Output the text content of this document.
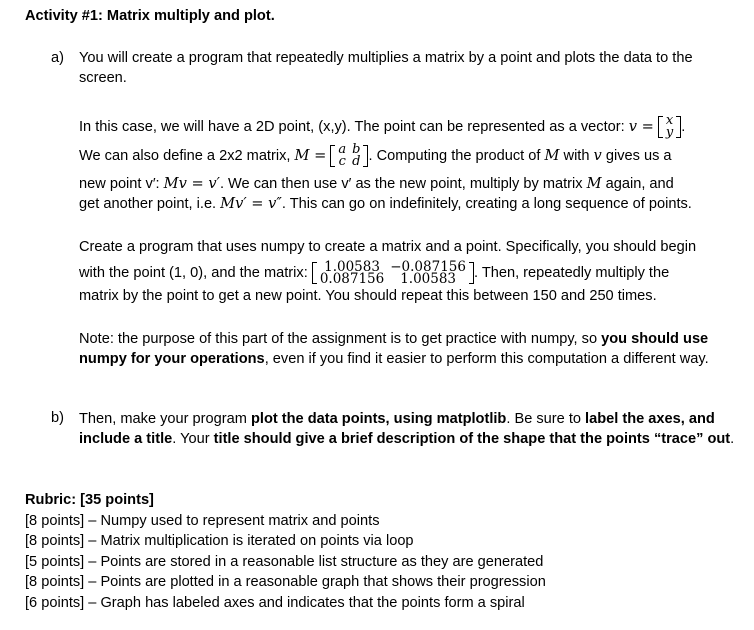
Activity #1: Matrix multiply and plot.
a) You will create a program that repeatedly multiplies a matrix by a point and plots the data to the screen.
In this case, we will have a 2D point, (x,y). The point can be represented as a vector: v = x
y .
We can also define a 2x2 matrix, M = a	b
c	d . Computing the product of M with v gives us a
new point v′: Mv = v′. We can then use v′ as the new point, multiply by matrix M again, and
get another point, i.e. Mv′ = v″. This can go on indefinitely, creating a long sequence of points.
Create a program that uses numpy to create a matrix and a point. Specifically, you should begin
with the point (1, 0), and the matrix: 1.00583	−0.087156
0.087156	1.00583 . Then, repeatedly multiply the
matrix by the point to get a new point. You should repeat this between 150 and 250 times.
Note: the purpose of this part of the assignment is to get practice with numpy, so you should use numpy for your operations, even if you find it easier to perform this computation a different way.
b) Then, make your program plot the data points, using matplotlib. Be sure to label the axes, and include a title. Your title should give a brief description of the shape that the points “trace” out.
Rubric: [35 points]
[8 points] – Numpy used to represent matrix and points
[8 points] – Matrix multiplication is iterated on points via loop
[5 points] – Points are stored in a reasonable list structure as they are generated
[8 points] – Points are plotted in a reasonable graph that shows their progression
[6 points] – Graph has labeled axes and indicates that the points form a spiral
